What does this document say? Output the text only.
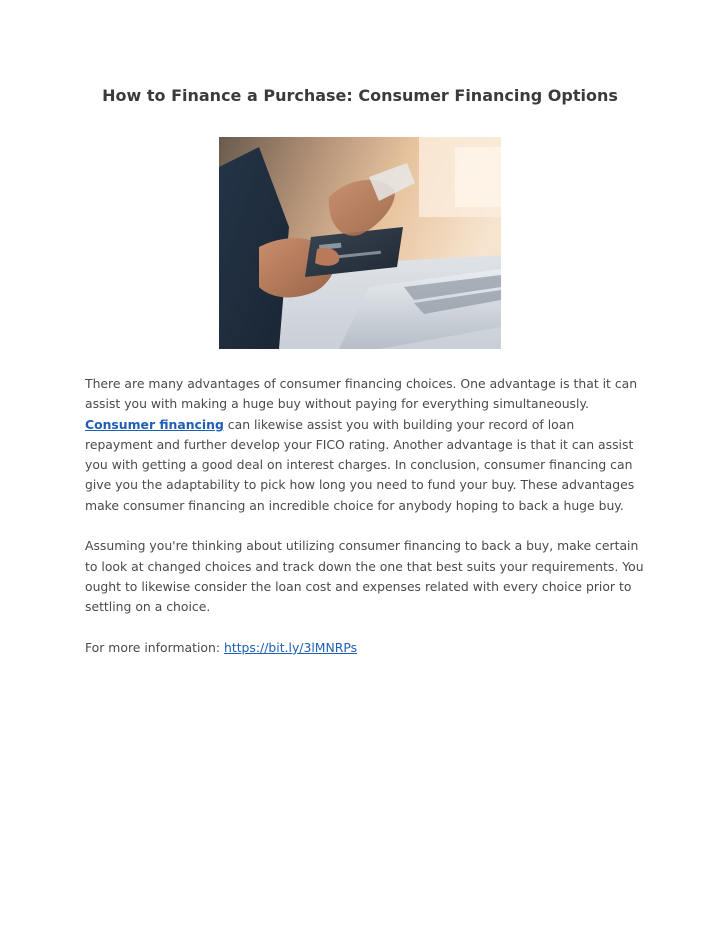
How to Finance a Purchase: Consumer Financing Options

There are many advantages of consumer financing choices. One advantage is that it can assist you with making a huge buy without paying for everything simultaneously. Consumer financing can likewise assist you with building your record of loan repayment and further develop your FICO rating. Another advantage is that it can assist you with getting a good deal on interest charges. In conclusion, consumer financing can give you the adaptability to pick how long you need to fund your buy. These advantages make consumer financing an incredible choice for anybody hoping to back a huge buy.

Assuming you're thinking about utilizing consumer financing to back a buy, make certain to look at changed choices and track down the one that best suits your requirements. You ought to likewise consider the loan cost and expenses related with every choice prior to settling on a choice.

For more information: https://bit.ly/3lMNRPs
